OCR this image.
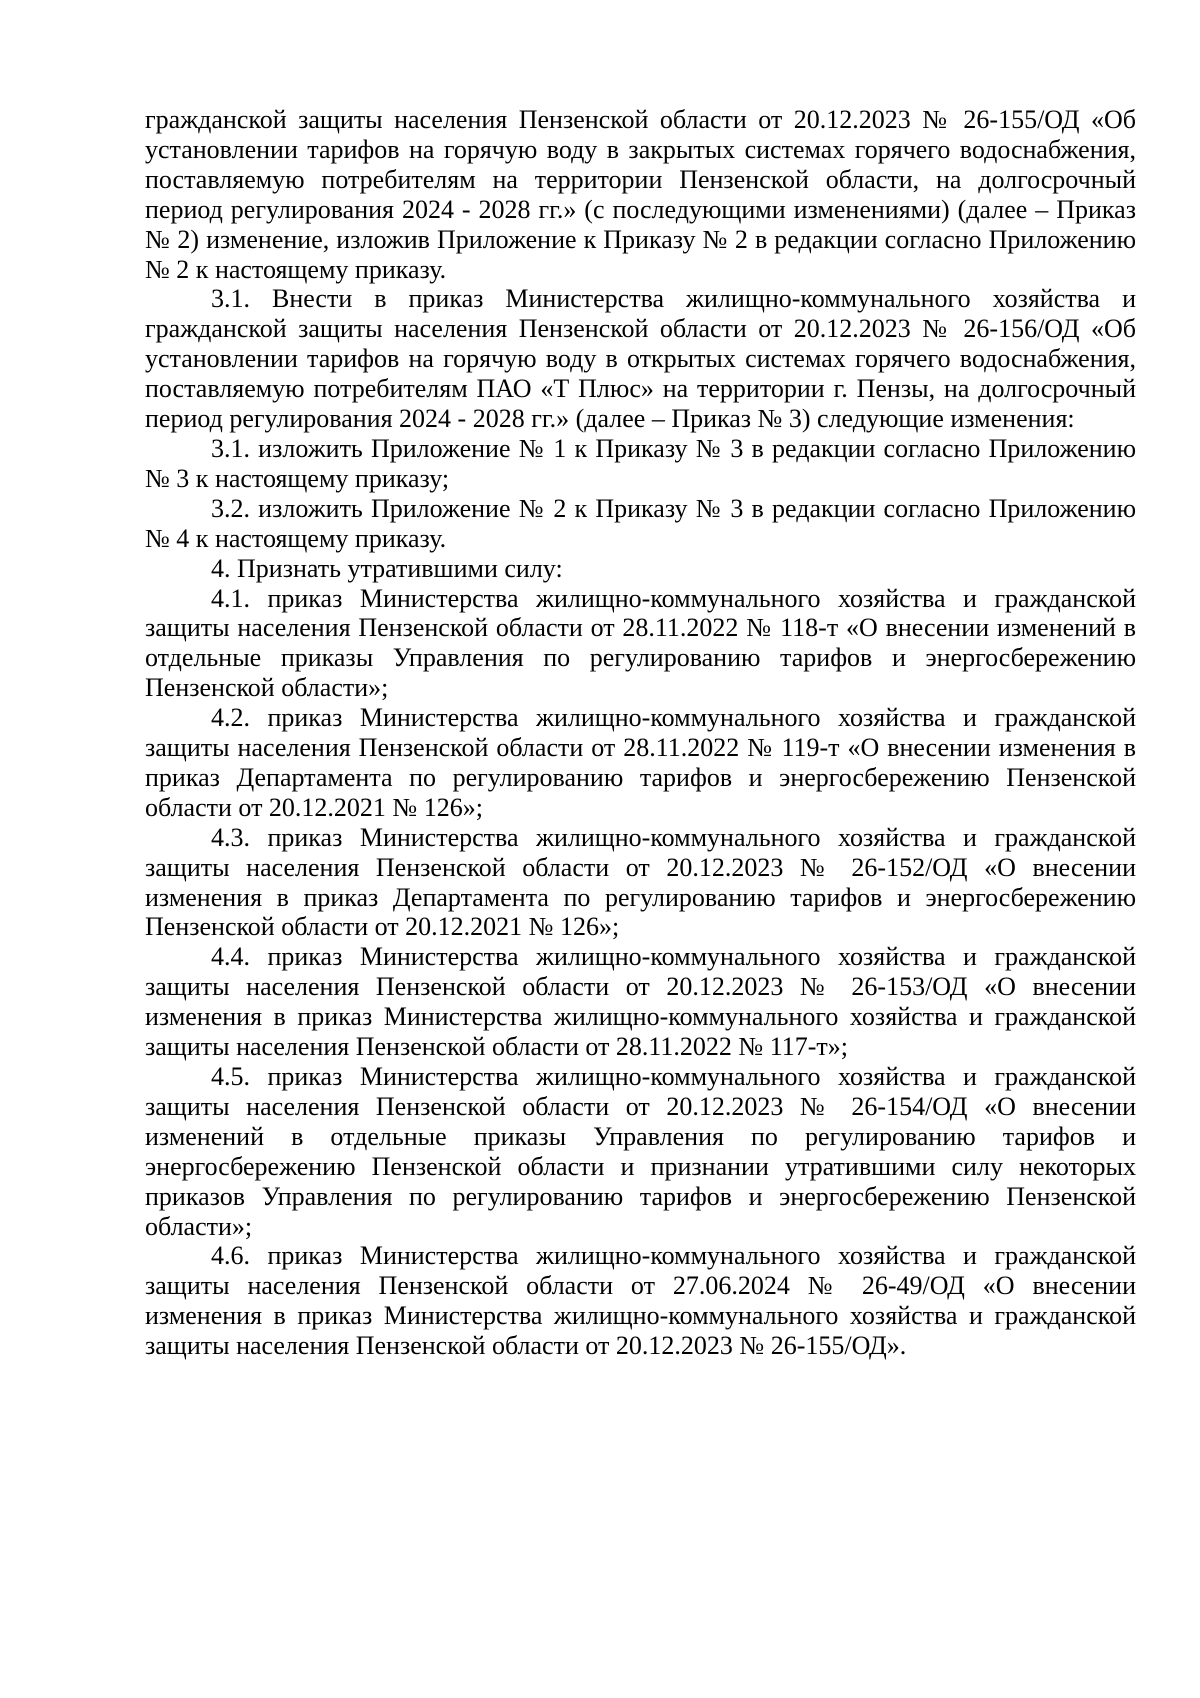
гражданской защиты населения Пензенской области от 20.12.2023 № 26-155/ОД «Об установлении тарифов на горячую воду в закрытых системах горячего водоснабжения, поставляемую потребителям на территории Пензенской области, на долгосрочный период регулирования 2024 - 2028 гг.» (с последующими изменениями) (далее – Приказ № 2) изменение, изложив Приложение к Приказу № 2 в редакции согласно Приложению № 2 к настоящему приказу.

3.1. Внести в приказ Министерства жилищно-коммунального хозяйства и гражданской защиты населения Пензенской области от 20.12.2023 № 26-156/ОД «Об установлении тарифов на горячую воду в открытых системах горячего водоснабжения, поставляемую потребителям ПАО «Т Плюс» на территории г. Пензы, на долгосрочный период регулирования 2024 - 2028 гг.» (далее – Приказ № 3) следующие изменения:

3.1. изложить Приложение № 1 к Приказу № 3 в редакции согласно Приложению № 3 к настоящему приказу;

3.2. изложить Приложение № 2 к Приказу № 3 в редакции согласно Приложению № 4 к настоящему приказу.

4. Признать утратившими силу:

4.1. приказ Министерства жилищно-коммунального хозяйства и гражданской защиты населения Пензенской области от 28.11.2022 № 118-т «О внесении изменений в отдельные приказы Управления по регулированию тарифов и энергосбережению Пензенской области»;

4.2. приказ Министерства жилищно-коммунального хозяйства и гражданской защиты населения Пензенской области от 28.11.2022 № 119-т «О внесении изменения в приказ Департамента по регулированию тарифов и энергосбережению Пензенской области от 20.12.2021 № 126»;

4.3. приказ Министерства жилищно-коммунального хозяйства и гражданской защиты населения Пензенской области от 20.12.2023 № 26-152/ОД «О внесении изменения в приказ Департамента по регулированию тарифов и энергосбережению Пензенской области от 20.12.2021 № 126»;

4.4. приказ Министерства жилищно-коммунального хозяйства и гражданской защиты населения Пензенской области от 20.12.2023 № 26-153/ОД «О внесении изменения в приказ Министерства жилищно-коммунального хозяйства и гражданской защиты населения Пензенской области от 28.11.2022 № 117-т»;

4.5. приказ Министерства жилищно-коммунального хозяйства и гражданской защиты населения Пензенской области от 20.12.2023 № 26-154/ОД «О внесении изменений в отдельные приказы Управления по регулированию тарифов и энергосбережению Пензенской области и признании утратившими силу некоторых приказов Управления по регулированию тарифов и энергосбережению Пензенской области»;

4.6. приказ Министерства жилищно-коммунального хозяйства и гражданской защиты населения Пензенской области от 27.06.2024 № 26-49/ОД «О внесении изменения в приказ Министерства жилищно-коммунального хозяйства и гражданской защиты населения Пензенской области от 20.12.2023 № 26-155/ОД».
